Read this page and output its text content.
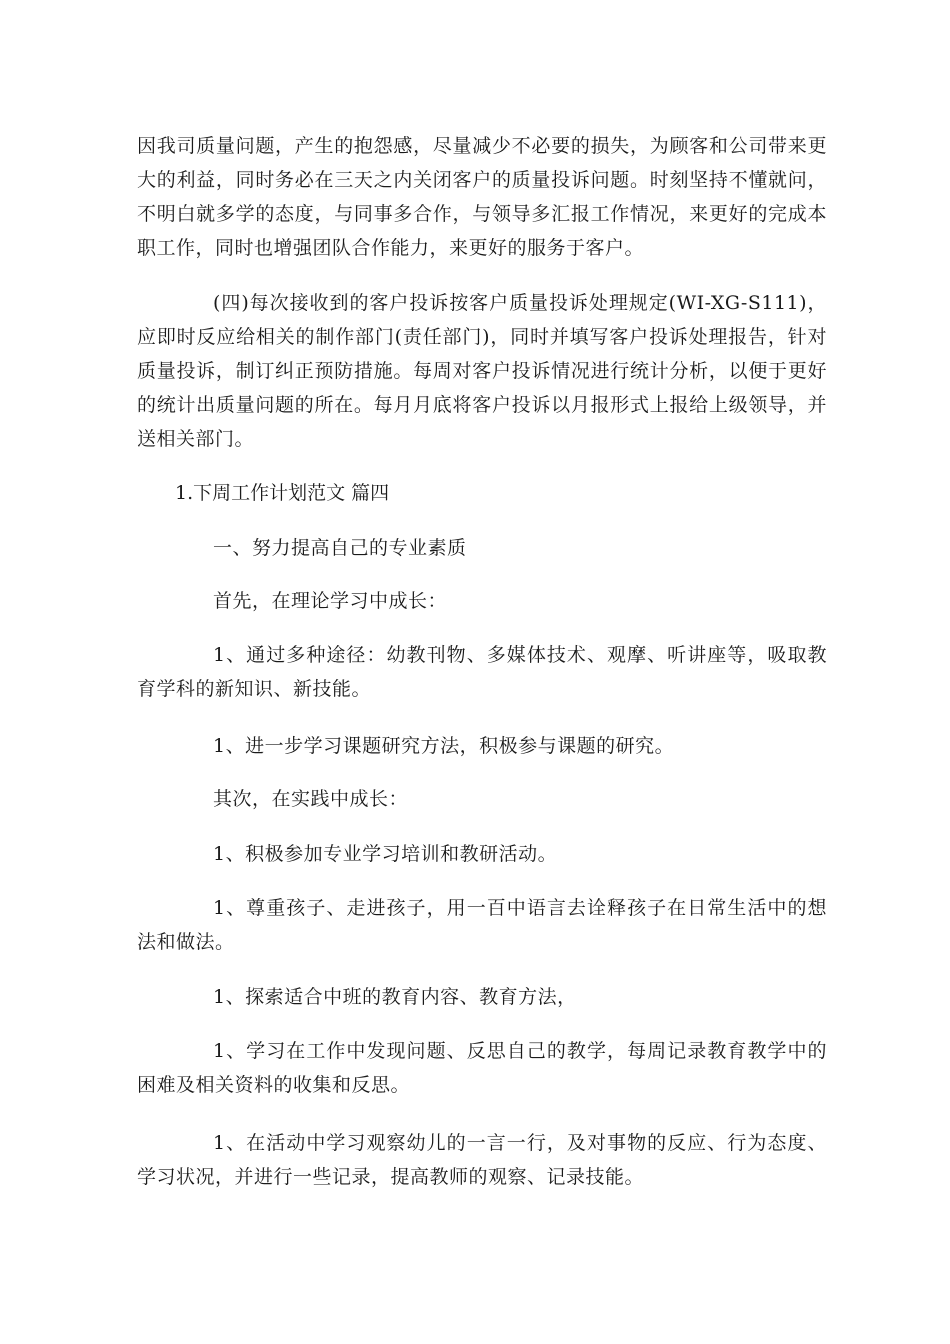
因我司质量问题，产生的抱怨感，尽量减少不必要的损失，为顾客和公司带来更大的利益，同时务必在三天之内关闭客户的质量投诉问题。时刻坚持不懂就问，不明白就多学的态度，与同事多合作，与领导多汇报工作情况，来更好的完成本职工作，同时也增强团队合作能力，来更好的服务于客户。

(四)每次接收到的客户投诉按客户质量投诉处理规定(WI-XG-S111)，应即时反应给相关的制作部门(责任部门)，同时并填写客户投诉处理报告，针对质量投诉，制订纠正预防措施。每周对客户投诉情况进行统计分析，以便于更好的统计出质量问题的所在。每月月底将客户投诉以月报形式上报给上级领导，并送相关部门。

1.下周工作计划范文 篇四

一、努力提高自己的专业素质

首先，在理论学习中成长：

1、通过多种途径：幼教刊物、多媒体技术、观摩、听讲座等，吸取教育学科的新知识、新技能。

1、进一步学习课题研究方法，积极参与课题的研究。

其次，在实践中成长：

1、积极参加专业学习培训和教研活动。

1、尊重孩子、走进孩子，用一百中语言去诠释孩子在日常生活中的想法和做法。

1、探索适合中班的教育内容、教育方法，

1、学习在工作中发现问题、反思自己的教学，每周记录教育教学中的困难及相关资料的收集和反思。

1、在活动中学习观察幼儿的一言一行，及对事物的反应、行为态度、学习状况，并进行一些记录，提高教师的观察、记录技能。
